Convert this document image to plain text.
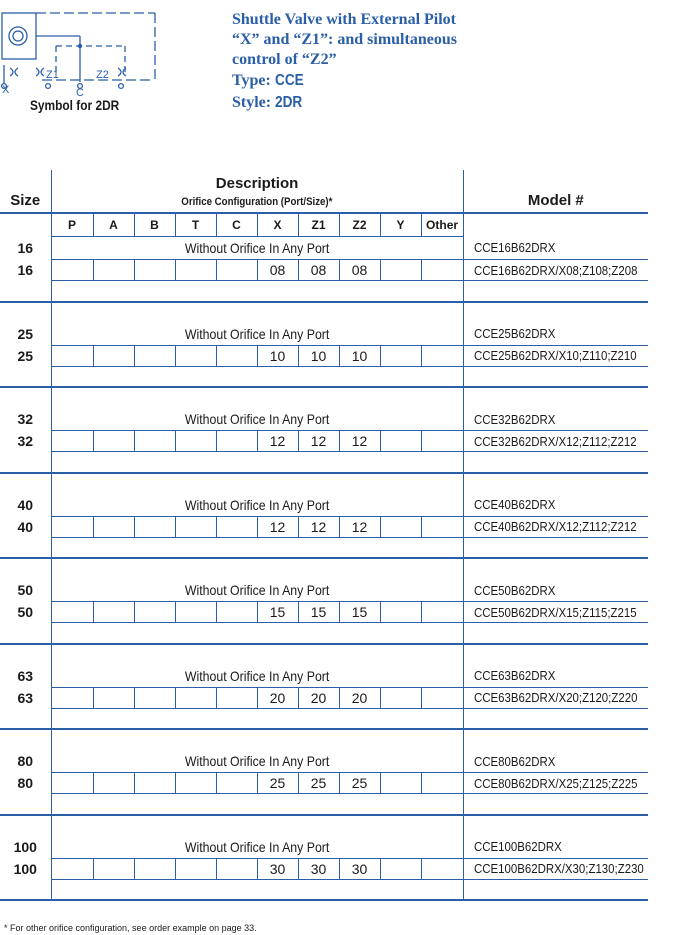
X
Z1
C
Z2
Symbol for 2DR
Shuttle Valve with External Pilot
“X” and “Z1”: and simultaneous
control of “Z2”
Type: CCE
Style: 2DR
Size	Description										Model #
	Orifice Configuration (Port/Size)*										
	P	A	B	T	C	X	Z1	Z2	Y	Other	
16	Without Orifice In Any Port										CCE16B62DRX
16						08	08	08			CCE16B62DRX/X08;Z108;Z208

25	Without Orifice In Any Port										CCE25B62DRX
25						10	10	10			CCE25B62DRX/X10;Z110;Z210

32	Without Orifice In Any Port										CCE32B62DRX
32						12	12	12			CCE32B62DRX/X12;Z112;Z212

40	Without Orifice In Any Port										CCE40B62DRX
40						12	12	12			CCE40B62DRX/X12;Z112;Z212

50	Without Orifice In Any Port										CCE50B62DRX
50						15	15	15			CCE50B62DRX/X15;Z115;Z215

63	Without Orifice In Any Port										CCE63B62DRX
63						20	20	20			CCE63B62DRX/X20;Z120;Z220

80	Without Orifice In Any Port										CCE80B62DRX
80						25	25	25			CCE80B62DRX/X25;Z125;Z225

100	Without Orifice In Any Port										CCE100B62DRX
100						30	30	30			CCE100B62DRX/X30;Z130;Z230

* For other orifice configuration, see order example on page 33.
